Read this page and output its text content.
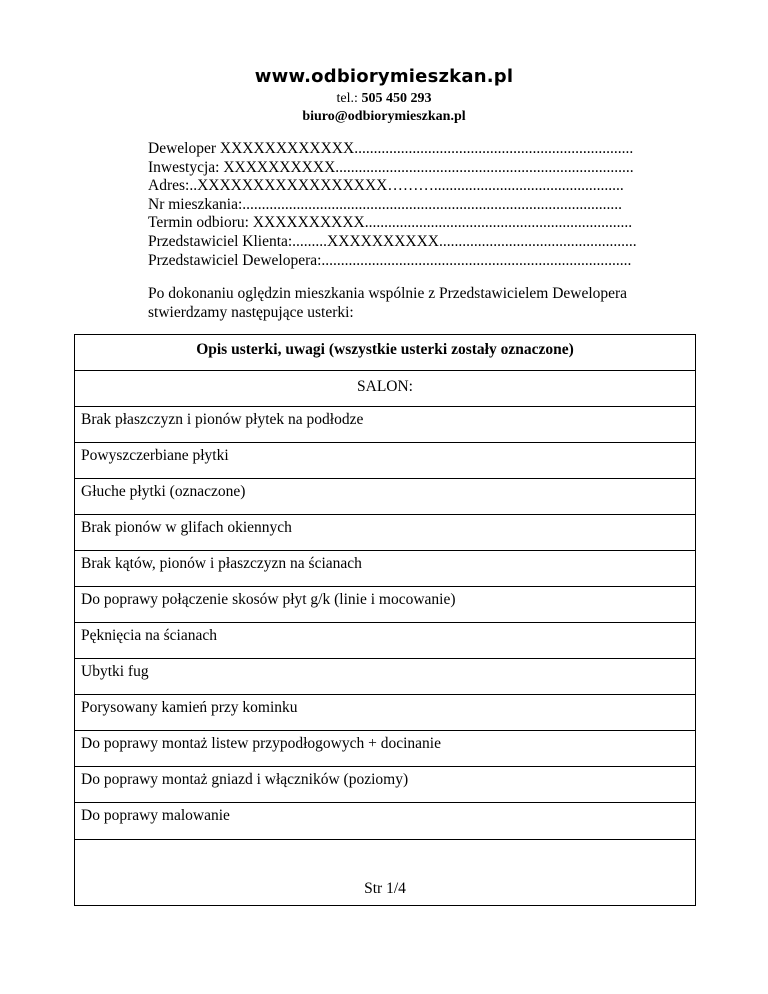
www.odbiorymieszkan.pl
tel.: 505 450 293
biuro@odbiorymieszkan.pl
Deweloper XXXXXXXXXXXX........................................................................
Inwestycja: XXXXXXXXXX.............................................................................
Adres:..XXXXXXXXXXXXXXXXX……….................................................
Nr mieszkania:..................................................................................................
Termin odbioru: XXXXXXXXXX.....................................................................
Przedstawiciel Klienta:.........XXXXXXXXXX...................................................
Przedstawiciel Dewelopera:................................................................................
Po dokonaniu oględzin mieszkania wspólnie z Przedstawicielem Dewelopera stwierdzamy następujące usterki:
Opis usterki, uwagi (wszystkie usterki zostały oznaczone)
SALON:
Brak płaszczyzn i pionów płytek na podłodze
Powyszczerbiane płytki
Głuche płytki (oznaczone)
Brak pionów w glifach okiennych
Brak kątów, pionów i płaszczyzn na ścianach
Do poprawy połączenie skosów płyt g/k (linie i mocowanie)
Pęknięcia na ścianach
Ubytki fug
Porysowany kamień przy kominku
Do poprawy montaż listew przypodłogowych + docinanie
Do poprawy montaż gniazd i włączników (poziomy)
Do poprawy malowanie
Str 1/4
